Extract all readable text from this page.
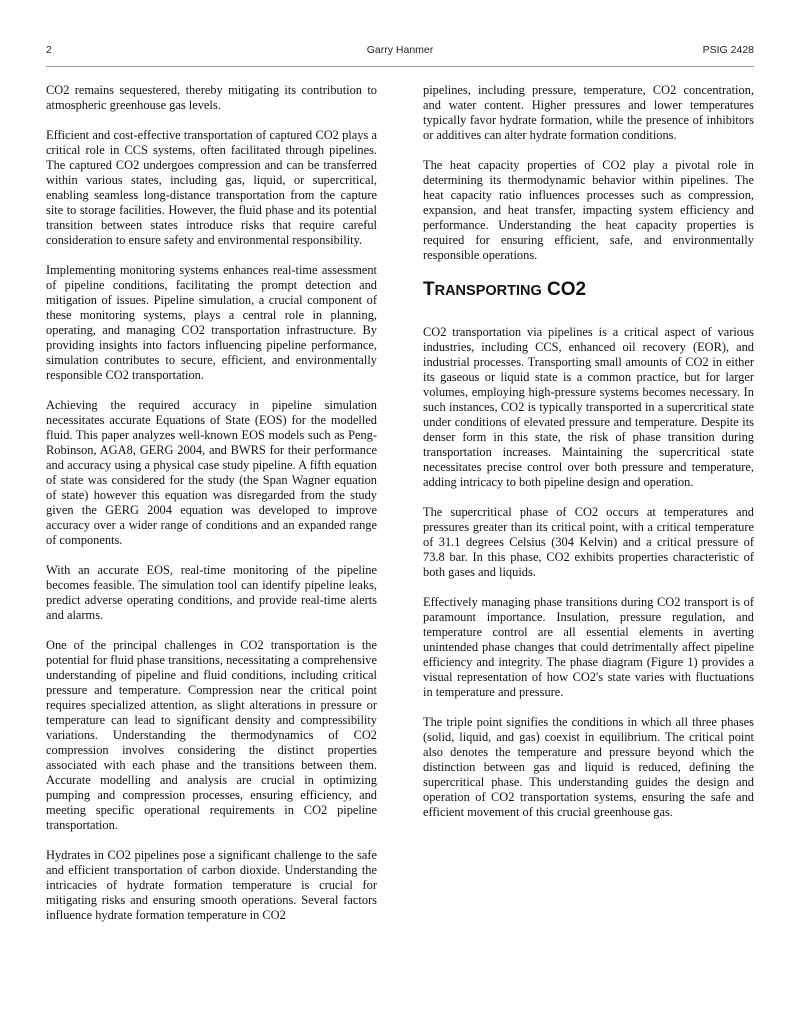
2	Garry Hanmer	PSIG 2428

CO2 remains sequestered, thereby mitigating its contribution to atmospheric greenhouse gas levels.

Efficient and cost-effective transportation of captured CO2 plays a critical role in CCS systems, often facilitated through pipelines. The captured CO2 undergoes compression and can be transferred within various states, including gas, liquid, or supercritical, enabling seamless long-distance transportation from the capture site to storage facilities. However, the fluid phase and its potential transition between states introduce risks that require careful consideration to ensure safety and environmental responsibility.

Implementing monitoring systems enhances real-time assessment of pipeline conditions, facilitating the prompt detection and mitigation of issues. Pipeline simulation, a crucial component of these monitoring systems, plays a central role in planning, operating, and managing CO2 transportation infrastructure. By providing insights into factors influencing pipeline performance, simulation contributes to secure, efficient, and environmentally responsible CO2 transportation.

Achieving the required accuracy in pipeline simulation necessitates accurate Equations of State (EOS) for the modelled fluid. This paper analyzes well-known EOS models such as Peng-Robinson, AGA8, GERG 2004, and BWRS for their performance and accuracy using a physical case study pipeline. A fifth equation of state was considered for the study (the Span Wagner equation of state) however this equation was disregarded from the study given the GERG 2004 equation was developed to improve accuracy over a wider range of conditions and an expanded range of components.

With an accurate EOS, real-time monitoring of the pipeline becomes feasible. The simulation tool can identify pipeline leaks, predict adverse operating conditions, and provide real-time alerts and alarms.

One of the principal challenges in CO2 transportation is the potential for fluid phase transitions, necessitating a comprehensive understanding of pipeline and fluid conditions, including critical pressure and temperature. Compression near the critical point requires specialized attention, as slight alterations in pressure or temperature can lead to significant density and compressibility variations. Understanding the thermodynamics of CO2 compression involves considering the distinct properties associated with each phase and the transitions between them. Accurate modelling and analysis are crucial in optimizing pumping and compression processes, ensuring efficiency, and meeting specific operational requirements in CO2 pipeline transportation.

Hydrates in CO2 pipelines pose a significant challenge to the safe and efficient transportation of carbon dioxide. Understanding the intricacies of hydrate formation temperature is crucial for mitigating risks and ensuring smooth operations. Several factors influence hydrate formation temperature in CO2

pipelines, including pressure, temperature, CO2 concentration, and water content. Higher pressures and lower temperatures typically favor hydrate formation, while the presence of inhibitors or additives can alter hydrate formation conditions.

The heat capacity properties of CO2 play a pivotal role in determining its thermodynamic behavior within pipelines. The heat capacity ratio influences processes such as compression, expansion, and heat transfer, impacting system efficiency and performance. Understanding the heat capacity properties is required for ensuring efficient, safe, and environmentally responsible operations.

TRANSPORTING CO2

CO2 transportation via pipelines is a critical aspect of various industries, including CCS, enhanced oil recovery (EOR), and industrial processes. Transporting small amounts of CO2 in either its gaseous or liquid state is a common practice, but for larger volumes, employing high-pressure systems becomes necessary. In such instances, CO2 is typically transported in a supercritical state under conditions of elevated pressure and temperature. Despite its denser form in this state, the risk of phase transition during transportation increases. Maintaining the supercritical state necessitates precise control over both pressure and temperature, adding intricacy to both pipeline design and operation.

The supercritical phase of CO2 occurs at temperatures and pressures greater than its critical point, with a critical temperature of 31.1 degrees Celsius (304 Kelvin) and a critical pressure of 73.8 bar. In this phase, CO2 exhibits properties characteristic of both gases and liquids.

Effectively managing phase transitions during CO2 transport is of paramount importance. Insulation, pressure regulation, and temperature control are all essential elements in averting unintended phase changes that could detrimentally affect pipeline efficiency and integrity. The phase diagram (Figure 1) provides a visual representation of how CO2's state varies with fluctuations in temperature and pressure.

The triple point signifies the conditions in which all three phases (solid, liquid, and gas) coexist in equilibrium. The critical point also denotes the temperature and pressure beyond which the distinction between gas and liquid is reduced, defining the supercritical phase. This understanding guides the design and operation of CO2 transportation systems, ensuring the safe and efficient movement of this crucial greenhouse gas.
